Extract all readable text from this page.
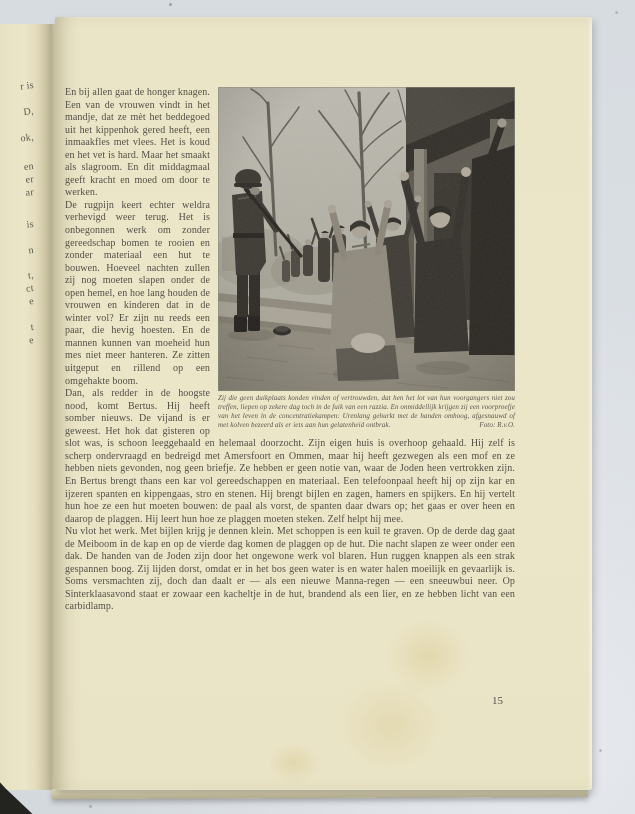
r is
D,
ok,
en
er
ar
is
n
t,
ct
e
t
e
Zij die geen duikplaats konden vinden of vertrouwden, dat hen het lot van hun voorgangers niet zou treffen, liepen op zekere dag toch in de fuik van een razzia. En onmiddellijk krijgen zij een voorproefje van het leven in de concentratiekampen: Urenlang gehurkt met de handen omhoog, afgesnauwd of met kolven bezeerd als er iets aan hun gelatenheid ontbrak.	Foto: R.v.O.

En bij allen gaat de honger knagen. Een van de vrouwen vindt in het mandje, dat ze mèt het beddegoed uit het kippenhok gered heeft, een inmaakfles met vlees. Het is koud en het vet is hard. Maar het smaakt als slagroom. En dit middagmaal geeft kracht en moed om door te werken.

De rugpijn keert echter weldra verhevigd weer terug. Het is onbegonnen werk om zonder gereedschap bomen te rooien en zonder materiaal een hut te bouwen. Hoeveel nachten zullen zij nog moeten slapen onder de open hemel, en hoe lang houden de vrouwen en kinderen dat in de winter vol? Er zijn nu reeds een paar, die hevig hoesten. En de mannen kunnen van moeheid hun mes niet meer hanteren. Ze zitten uitgeput en rillend op een omgehakte boom.

Dan, als redder in de hoogste nood, komt Bertus. Hij heeft somber nieuws. De vijand is er geweest. Het hok dat gisteren op slot was, is schoon leeggehaald en helemaal doorzocht. Zijn eigen huis is overhoop gehaald. Hij zelf is scherp ondervraagd en bedreigd met Amersfoort en Ommen, maar hij heeft gezwegen als een mof en ze hebben niets gevonden, nog geen briefje. Ze hebben er geen notie van, waar de Joden heen vertrokken zijn. En Bertus brengt thans een kar vol gereedschappen en materiaal. Een telefoonpaal heeft hij op zijn kar en ijzeren spanten en kippengaas, stro en stenen. Hij brengt bijlen en zagen, hamers en spijkers. En hij vertelt hun hoe ze een hut moeten bouwen: de paal als vorst, de spanten daar dwars op; het gaas er over heen en daarop de plaggen. Hij leert hun hoe ze plaggen moeten steken. Zelf helpt hij mee.

Nu vlot het werk. Met bijlen krijg je dennen klein. Met schoppen is een kuil te graven. Op de derde dag gaat de Meiboom in de kap en op de vierde dag komen de plaggen op de hut. Die nacht slapen ze weer onder een dak. De handen van de Joden zijn door het ongewone werk vol blaren. Hun ruggen knappen als een strak gespannen boog. Zij lijden dorst, omdat er in het bos geen water is en water halen moeilijk en gevaarlijk is. Soms versmachten zij, doch dan daalt er — als een nieuwe Manna-regen — een sneeuwbui neer. Op Sinterklaasavond staat er zowaar een kacheltje in de hut, brandend als een lier, en ze hebben licht van een carbidlamp.

15
